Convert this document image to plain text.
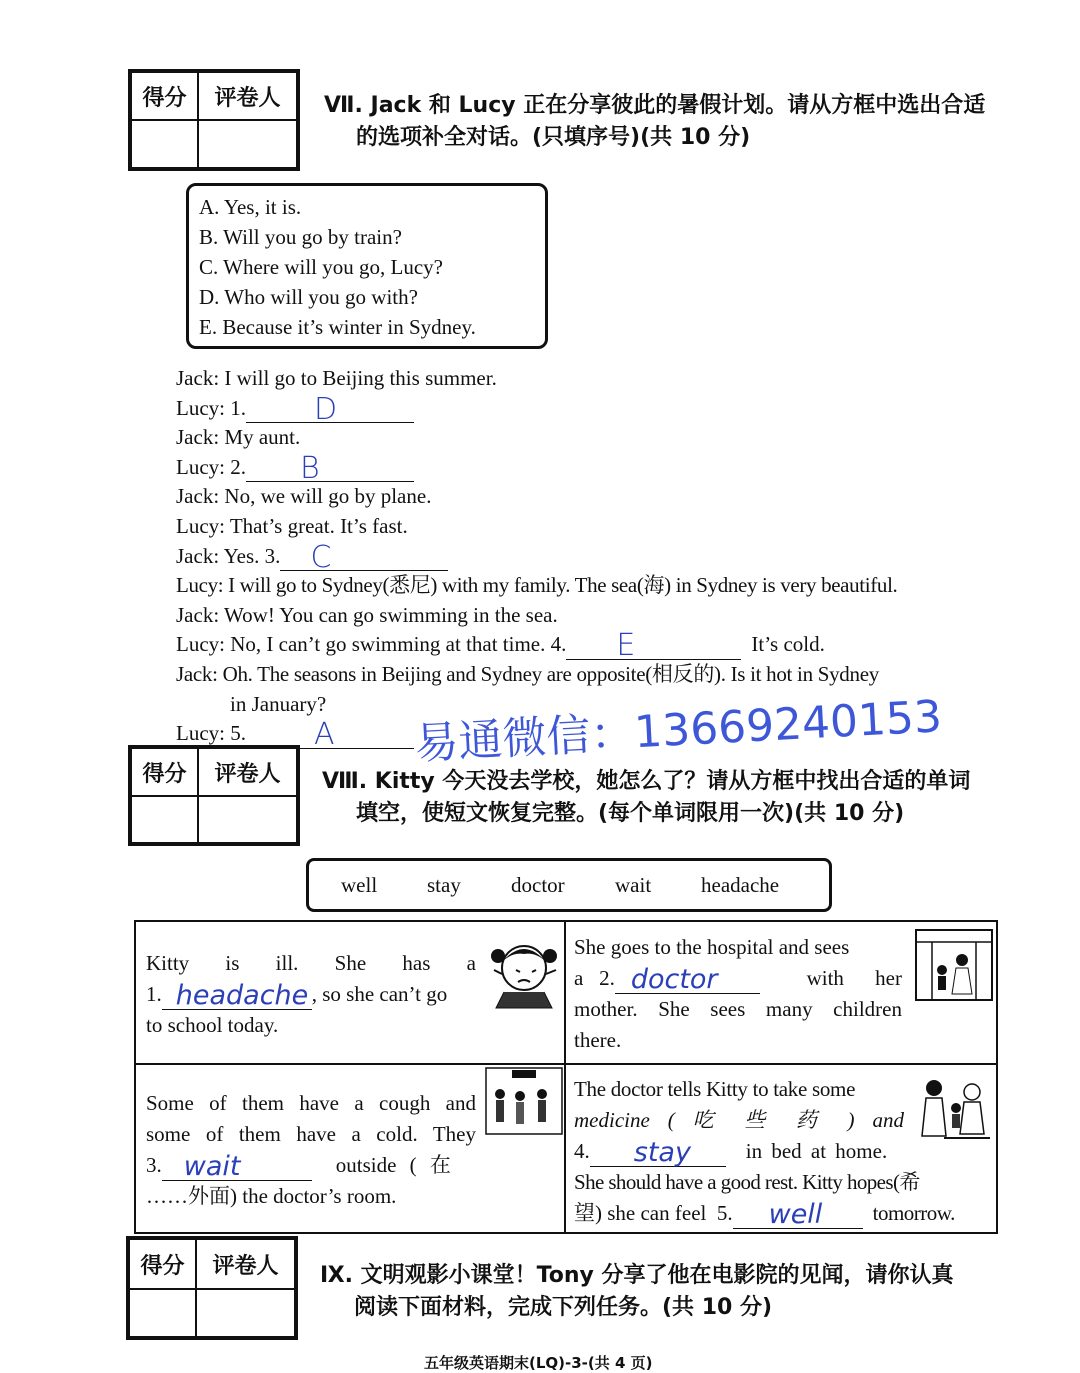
得分	评卷人
	Ⅶ. Jack 和 Lucy 正在分享彼此的暑假计划。请从方框中选出合适
的选项补全对话。(只填序号)(共 10 分)
A. Yes, it is.
B. Will you go by train?
C. Where will you go, Lucy?
D. Who will you go with?
E. Because it’s winter in Sydney.
Jack: I will go to Beijing this summer.
Lucy: 1. D
Jack: My aunt.
Lucy: 2. B
Jack: No, we will go by plane.
Lucy: That’s great. It’s fast.
Jack: Yes. 3. C
Lucy: I will go to Sydney(悉尼) with my family. The sea(海) in Sydney is very beautiful.
Jack: Wow! You can go swimming in the sea.
Lucy: No, I can’t go swimming at that time. 4. E	It’s cold.
Jack: Oh. The seasons in Beijing and Sydney are opposite(相反的). Is it hot in Sydney
in January?
Lucy: 5. A 易通微信：13669240153
得分	评卷人
	Ⅷ. Kitty 今天没去学校，她怎么了？请从方框中找出合适的单词
填空，使短文恢复完整。(每个单词限用一次)(共 10 分)
well stay doctor wait headache
Kitty is ill. She has a
1. headache , so she can’t go
to school today.
She goes to the hospital and sees
a 2. doctor	with her
mother. She sees many children
there.
Some of them have a cough and
some of them have a cold. They
3. wait	outside ( 在
……外面) the doctor’s room.
The doctor tells Kitty to take some
medicine ( 吃 些 药 ) and
4. stay	in bed at home.
She should have a good rest. Kitty hopes(希
望) she can feel 5. well tomorrow.
得分	评卷人
	Ⅸ. 文明观影小课堂！Tony 分享了他在电影院的见闻，请你认真
阅读下面材料，完成下列任务。(共 10 分)
五年级英语期末(LQ)-3-(共 4 页)
